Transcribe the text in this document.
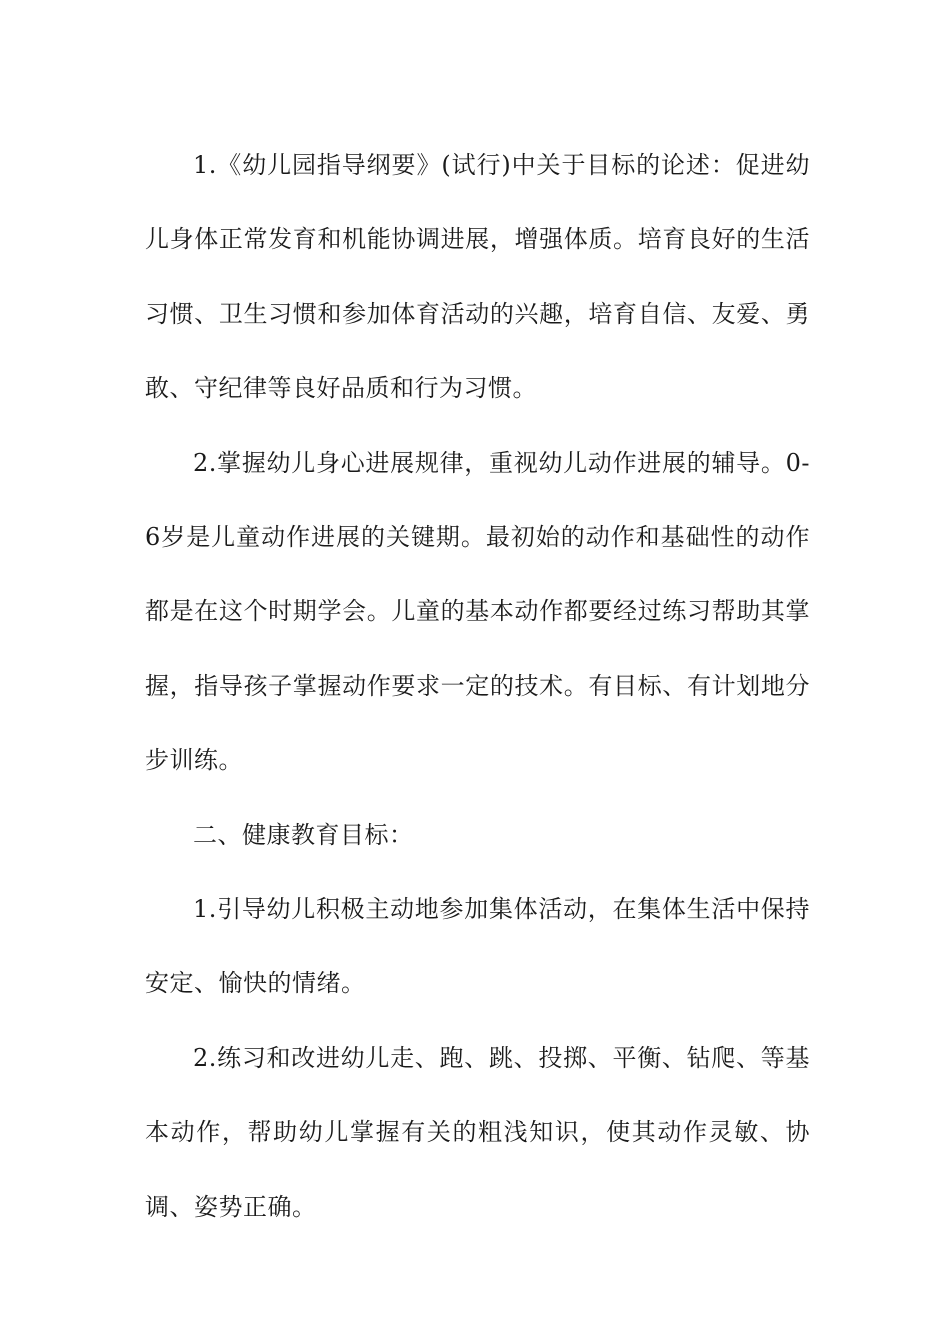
1.《幼儿园指导纲要》(试行)中关于目标的论述：促进幼儿身体正常发育和机能协调进展，增强体质。培育良好的生活习惯、卫生习惯和参加体育活动的兴趣，培育自信、友爱、勇敢、守纪律等良好品质和行为习惯。

2.掌握幼儿身心进展规律，重视幼儿动作进展的辅导。0-6岁是儿童动作进展的关键期。最初始的动作和基础性的动作都是在这个时期学会。儿童的基本动作都要经过练习帮助其掌握，指导孩子掌握动作要求一定的技术。有目标、有计划地分步训练。

二、健康教育目标：

1.引导幼儿积极主动地参加集体活动，在集体生活中保持安定、愉快的情绪。

2.练习和改进幼儿走、跑、跳、投掷、平衡、钻爬、等基本动作，帮助幼儿掌握有关的粗浅知识，使其动作灵敏、协调、姿势正确。
